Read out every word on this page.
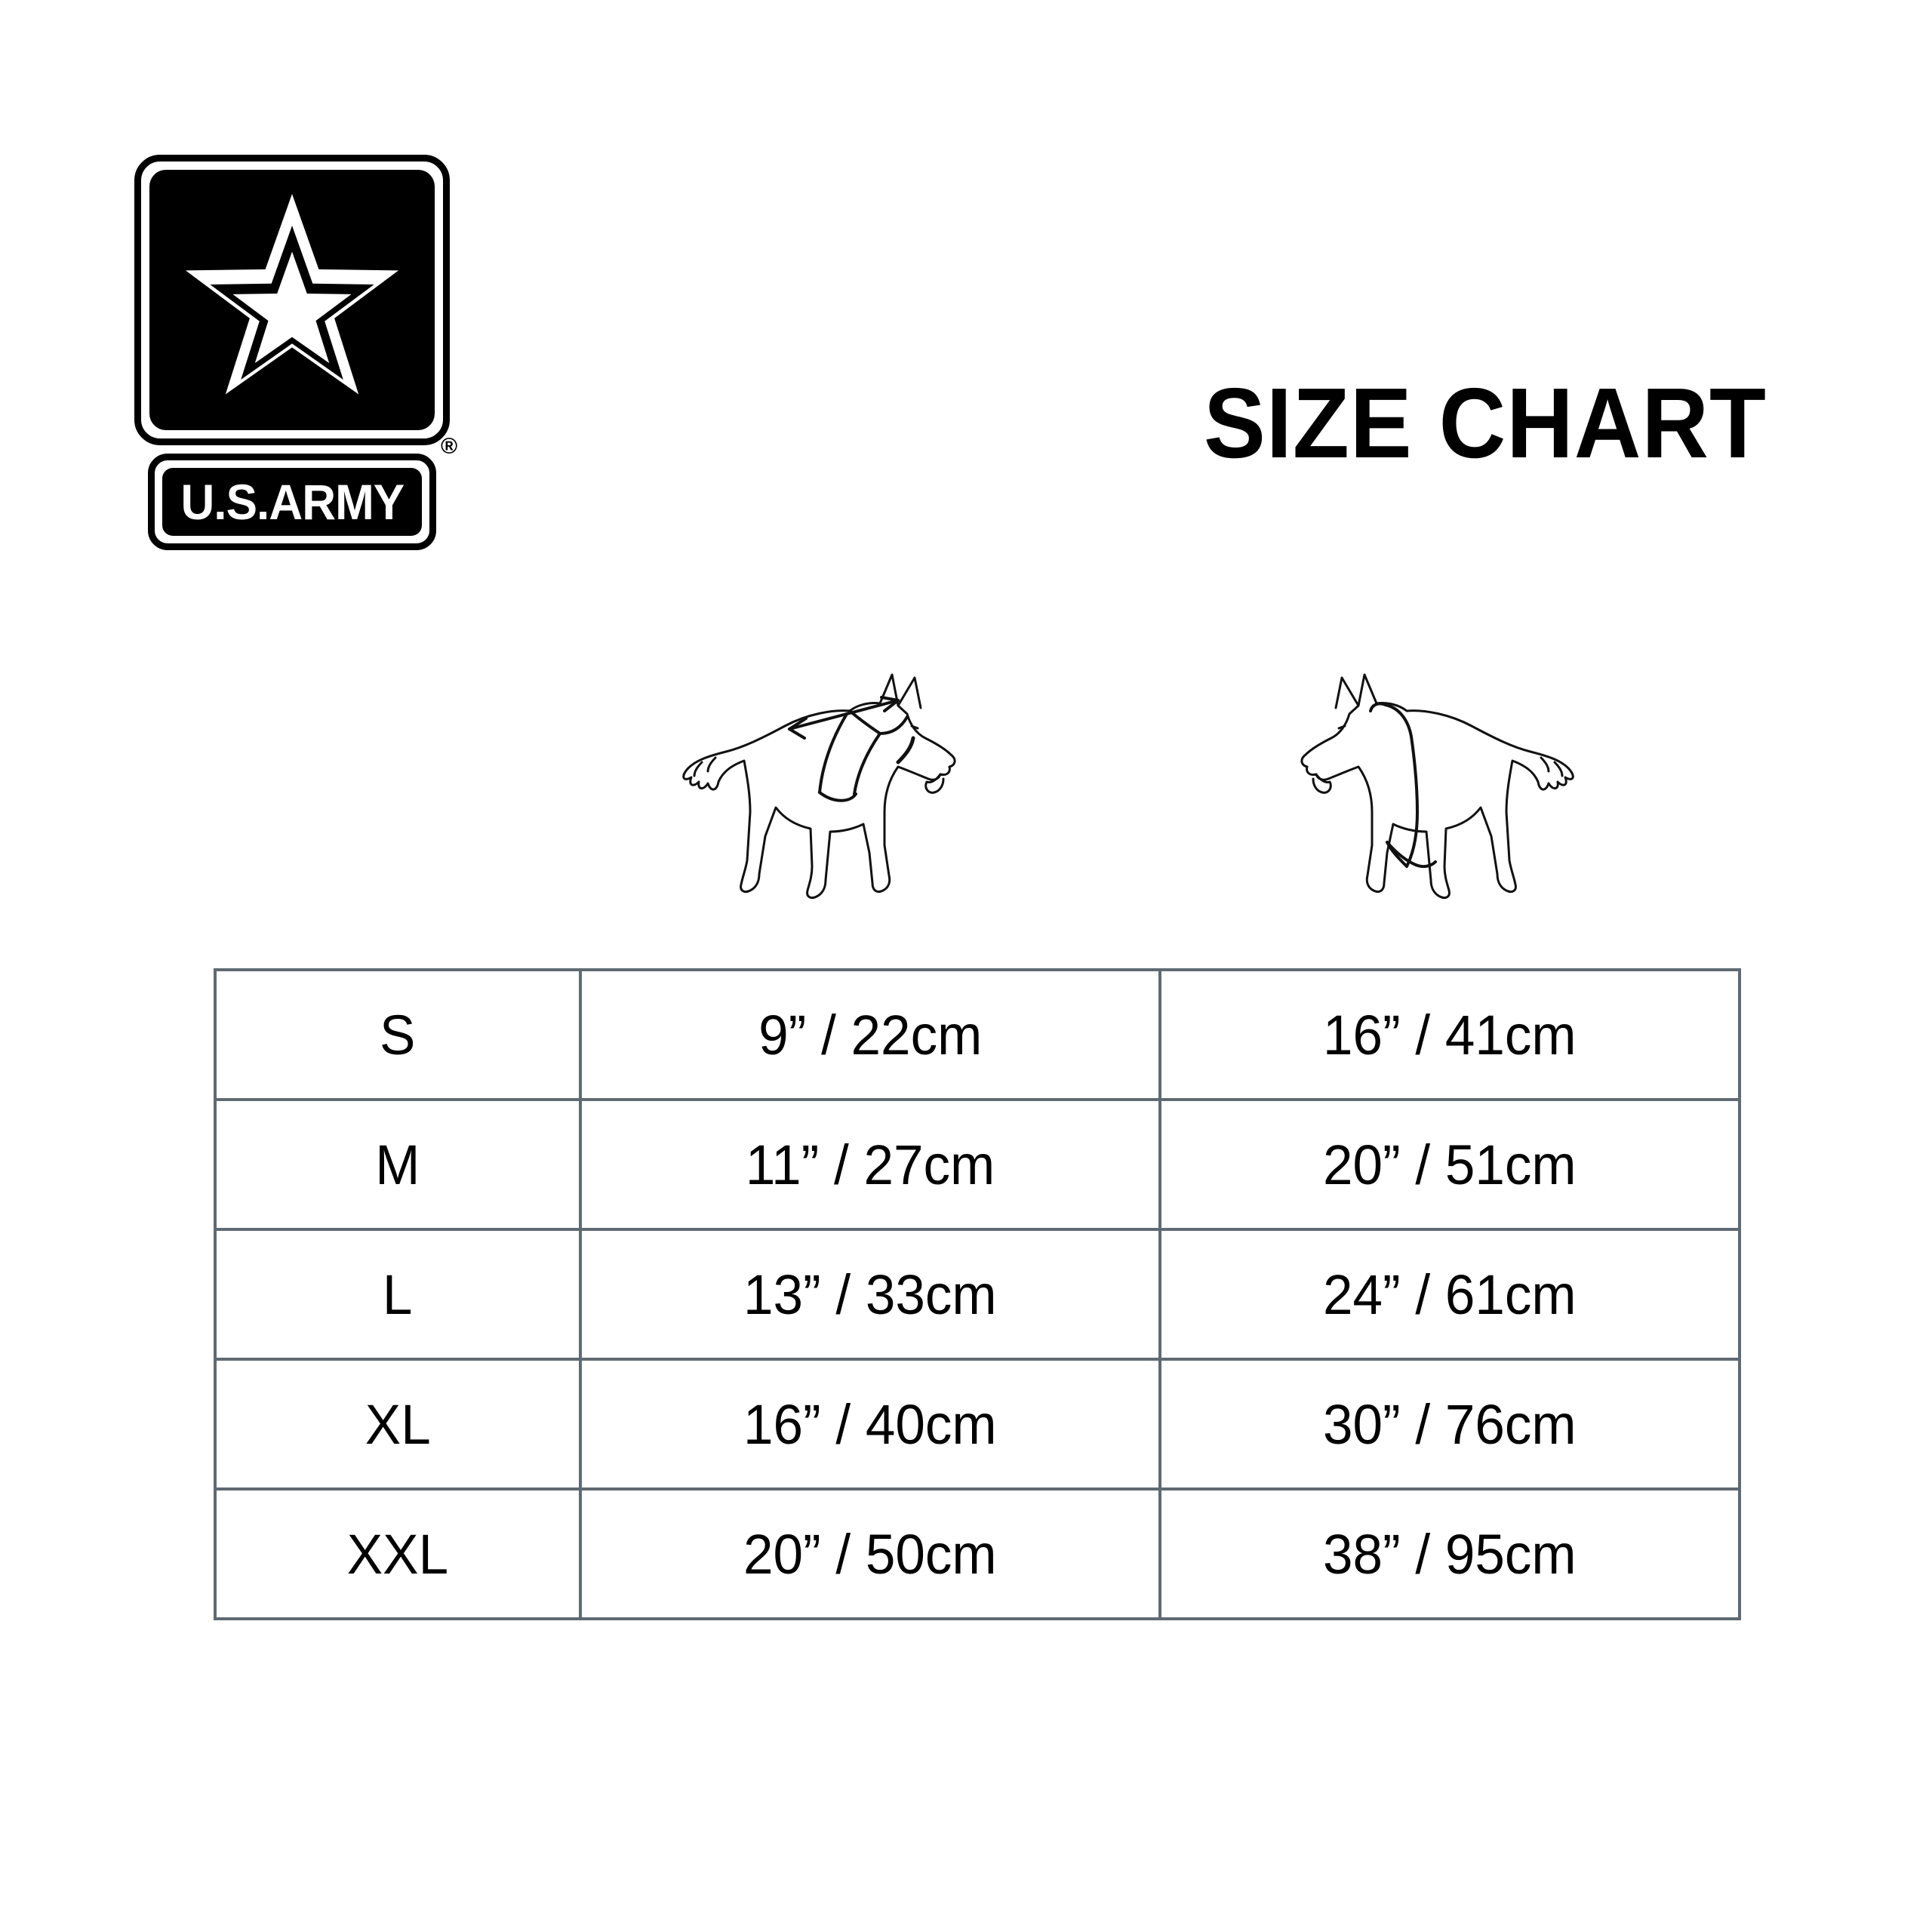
®
U.S.ARMY
SIZE CHART
S	9” / 22cm	16” / 41cm
M	11” / 27cm	20” / 51cm
L	13” / 33cm	24” / 61cm
XL	16” / 40cm	30” / 76cm
XXL	20” / 50cm	38” / 95cm
